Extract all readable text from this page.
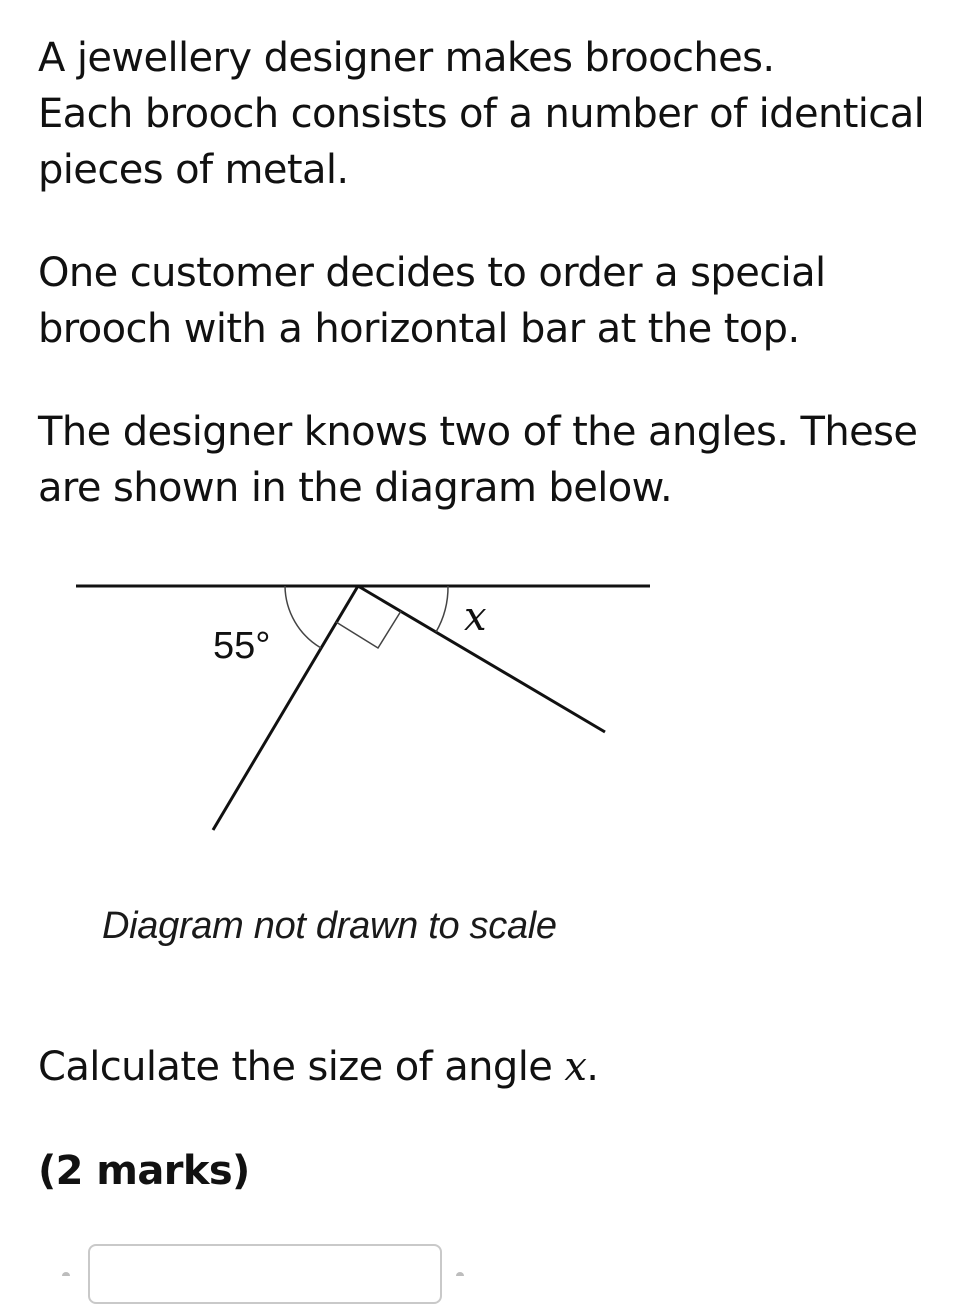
A jewellery designer makes brooches.
Each brooch consists of a number of identical
pieces of metal.

One customer decides to order a special
brooch with a horizontal bar at the top.

The designer knows two of the angles. These
are shown in the diagram below.

55°
x
Diagram not drawn to scale
Calculate the size of angle x.
(2 marks)
